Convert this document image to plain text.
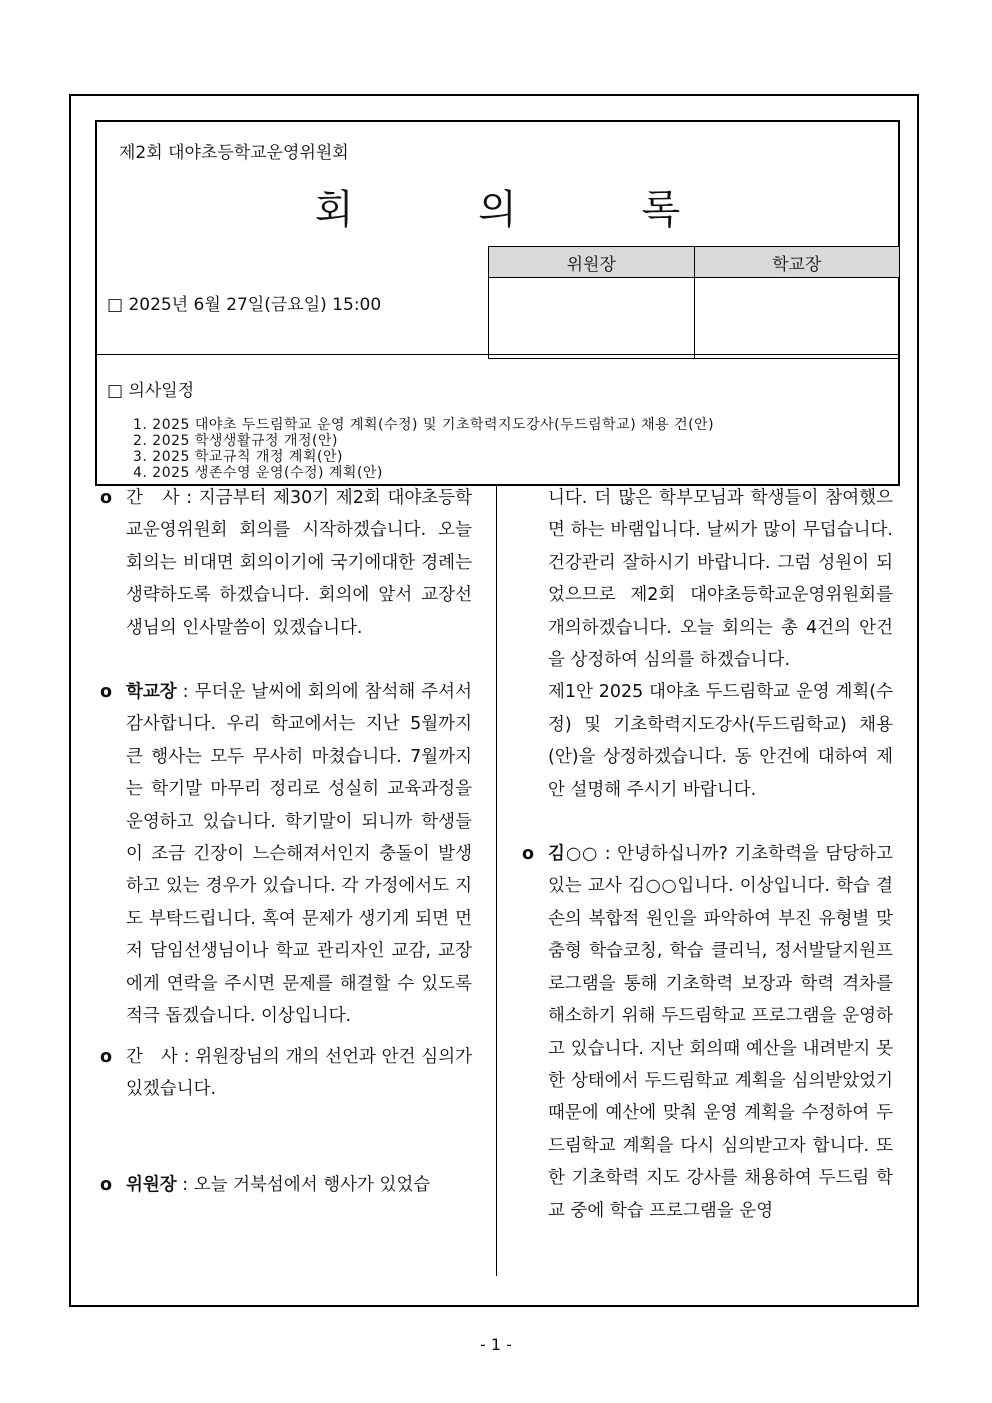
제2회 대야초등학교운영위원회
회 의 록
위원장	학교장

□ 2025년 6월 27일(금요일) 15:00
□ 의사일정
1. 2025 대야초 두드림학교 운영 계획(수정) 및 기초학력지도강사(두드림학교) 채용 건(안)
2. 2025 학생생활규정 개정(안)
3. 2025 학교규칙 개정 계획(안)
4. 2025 생존수영 운영(수정) 계획(안)
o 간　사 : 지금부터 제30기 제2회 대야초등학교운영위원회 회의를 시작하겠습니다. 오늘 회의는 비대면 회의이기에 국기에대한 경례는 생략하도록 하겠습니다. 회의에 앞서 교장선생님의 인사말씀이 있겠습니다.
o 학교장 : 무더운 날씨에 회의에 참석해 주셔서 감사합니다. 우리 학교에서는 지난 5월까지 큰 행사는 모두 무사히 마쳤습니다. 7월까지는 학기말 마무리 정리로 성실히 교육과정을 운영하고 있습니다. 학기말이 되니까 학생들이 조금 긴장이 느슨해져서인지 충돌이 발생하고 있는 경우가 있습니다. 각 가정에서도 지도 부탁드립니다. 혹여 문제가 생기게 되면 먼저 담임선생님이나 학교 관리자인 교감, 교장에게 연락을 주시면 문제를 해결할 수 있도록 적극 돕겠습니다. 이상입니다.
o 간　사 : 위원장님의 개의 선언과 안건 심의가 있겠습니다.
o 위원장 : 오늘 거북섬에서 행사가 있었습
니다. 더 많은 학부모님과 학생들이 참여했으면 하는 바램입니다. 날씨가 많이 무덥습니다. 건강관리 잘하시기 바랍니다. 그럼 성원이 되었으므로 제2회 대야초등학교운영위원회를 개의하겠습니다. 오늘 회의는 총 4건의 안건을 상정하여 심의를 하겠습니다.
제1안 2025 대야초 두드림학교 운영 계획(수정) 및 기초학력지도강사(두드림학교) 채용(안)을 상정하겠습니다. 동 안건에 대하여 제안 설명해 주시기 바랍니다.
o 김○○ : 안녕하십니까? 기초학력을 담당하고 있는 교사 김○○입니다. 이상입니다. 학습 결손의 복합적 원인을 파악하여 부진 유형별 맞춤형 학습코칭, 학습 클리닉, 정서발달지원프로그램을 통해 기초학력 보장과 학력 격차를 해소하기 위해 두드림학교 프로그램을 운영하고 있습니다. 지난 회의때 예산을 내려받지 못한 상태에서 두드림학교 계획을 심의받았었기 때문에 예산에 맞춰 운영 계획을 수정하여 두드림학교 계획을 다시 심의받고자 합니다. 또한 기초학력 지도 강사를 채용하여 두드림 학교 중에 학습 프로그램을 운영
- 1 -
